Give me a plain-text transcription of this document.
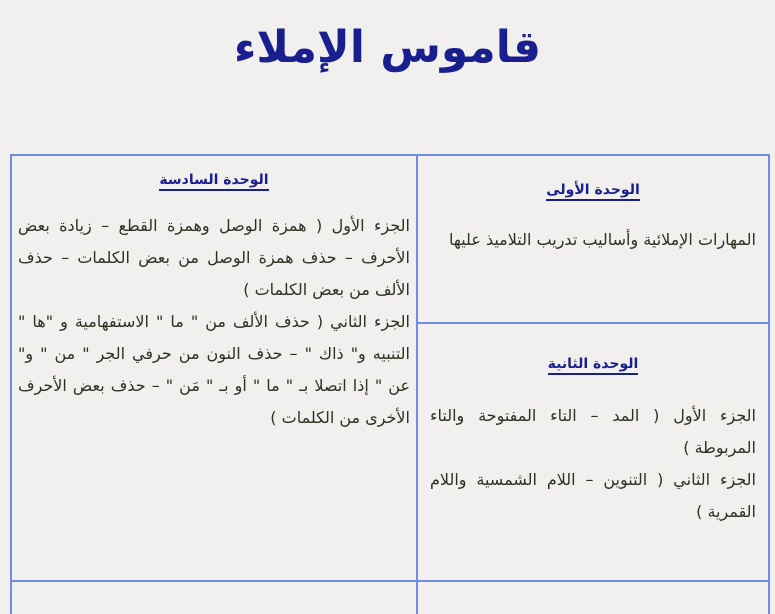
قاموس الإملاء
الوحدة الأولى

المهارات الإملائية وأساليب تدريب التلاميذ عليها

الوحدة الثانية

الجزء الأول ( المد – التاء المفتوحة والتاء المربوطة )

الجزء الثاني ( التنوين – اللام الشمسية واللام القمرية )

الوحدة السادسة

الجزء الأول ( همزة الوصل وهمزة القطع – زيادة بعض الأحرف – حذف همزة الوصل من بعض الكلمات – حذف الألف من بعض الكلمات )

الجزء الثاني ( حذف الألف من " ما " الاستفهامية و "ها " التنبيه و" ذاك " – حذف النون من حرفي الجر " من " و" عن " إذا اتصلا بـ " ما " أو بـ " مَن " – حذف بعض الأحرف الأخرى من الكلمات )
